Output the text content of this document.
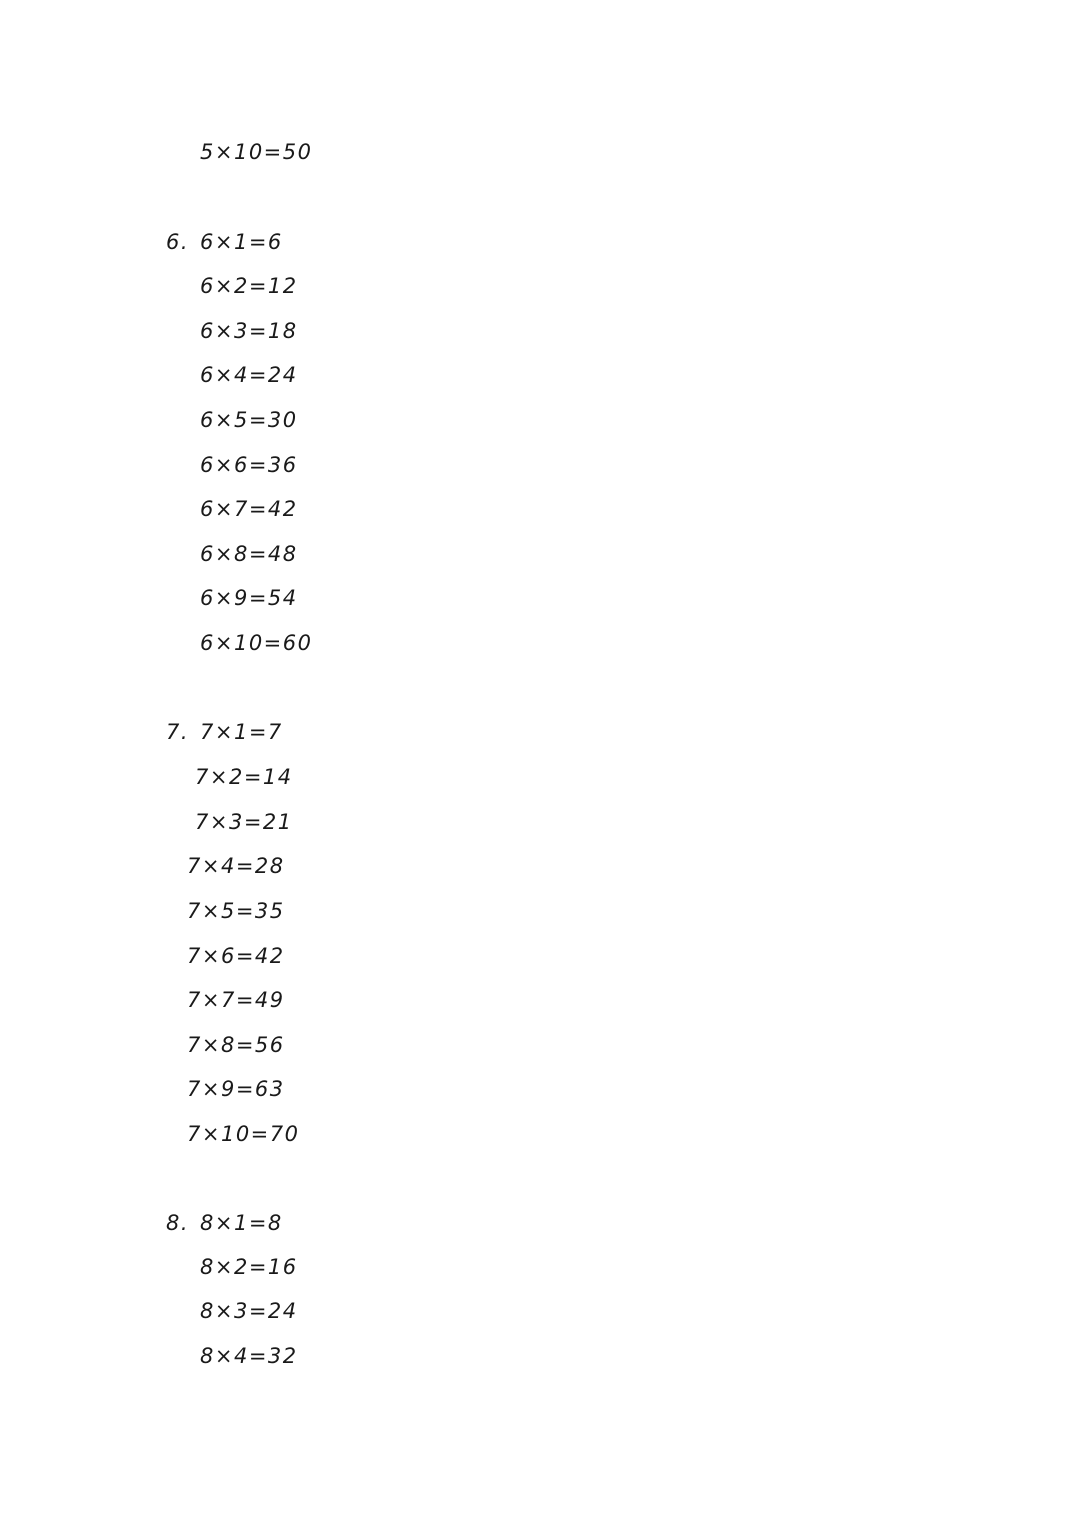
5×10=50
6. 6×1=6
6×2=12
6×3=18
6×4=24
6×5=30
6×6=36
6×7=42
6×8=48
6×9=54
6×10=60
7. 7×1=7
7×2=14
7×3=21
7×4=28
7×5=35
7×6=42
7×7=49
7×8=56
7×9=63
7×10=70
8. 8×1=8
8×2=16
8×3=24
8×4=32
